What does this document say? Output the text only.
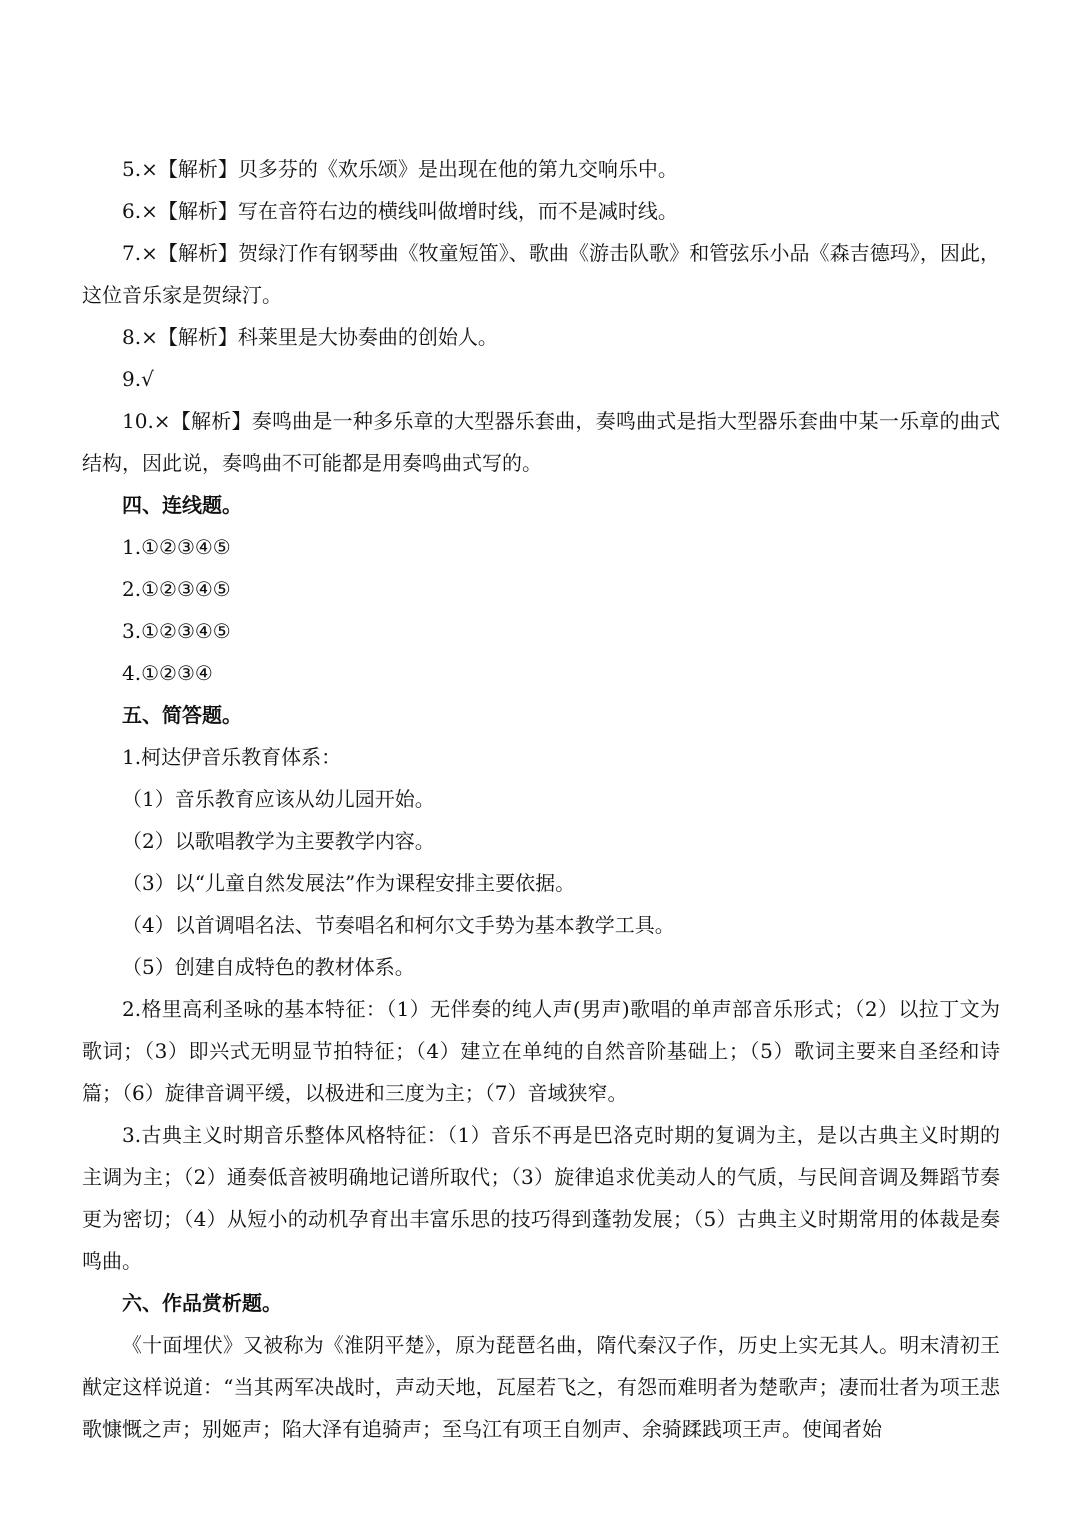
5.×【解析】贝多芬的《欢乐颂》是出现在他的第九交响乐中。

6.×【解析】写在音符右边的横线叫做增时线，而不是减时线。

7.×【解析】贺绿汀作有钢琴曲《牧童短笛》、歌曲《游击队歌》和管弦乐小品《森吉德玛》，因此，这位音乐家是贺绿汀。

8.×【解析】科莱里是大协奏曲的创始人。

9.√

10.×【解析】奏鸣曲是一种多乐章的大型器乐套曲，奏鸣曲式是指大型器乐套曲中某一乐章的曲式结构，因此说，奏鸣曲不可能都是用奏鸣曲式写的。

四、连线题。

1.①②③④⑤

2.①②③④⑤

3.①②③④⑤

4.①②③④

五、简答题。

1.柯达伊音乐教育体系：

（1）音乐教育应该从幼儿园开始。

（2）以歌唱教学为主要教学内容。

（3）以“儿童自然发展法”作为课程安排主要依据。

（4）以首调唱名法、节奏唱名和柯尔文手势为基本教学工具。

（5）创建自成特色的教材体系。

2.格里高利圣咏的基本特征：（1）无伴奏的纯人声(男声)歌唱的单声部音乐形式；（2）以拉丁文为歌词；（3）即兴式无明显节拍特征；（4）建立在单纯的自然音阶基础上；（5）歌词主要来自圣经和诗篇；（6）旋律音调平缓，以极进和三度为主；（7）音域狭窄。

3.古典主义时期音乐整体风格特征：（1）音乐不再是巴洛克时期的复调为主，是以古典主义时期的主调为主；（2）通奏低音被明确地记谱所取代；（3）旋律追求优美动人的气质，与民间音调及舞蹈节奏更为密切；（4）从短小的动机孕育出丰富乐思的技巧得到蓬勃发展；（5）古典主义时期常用的体裁是奏鸣曲。

六、作品赏析题。

《十面埋伏》又被称为《淮阴平楚》，原为琵琶名曲，隋代秦汉子作，历史上实无其人。明末清初王猷定这样说道：“当其两军决战时，声动天地，瓦屋若飞之，有怨而难明者为楚歌声；凄而壮者为项王悲歌慷慨之声；别姬声；陷大泽有追骑声；至乌江有项王自刎声、余骑蹂践项王声。使闻者始
